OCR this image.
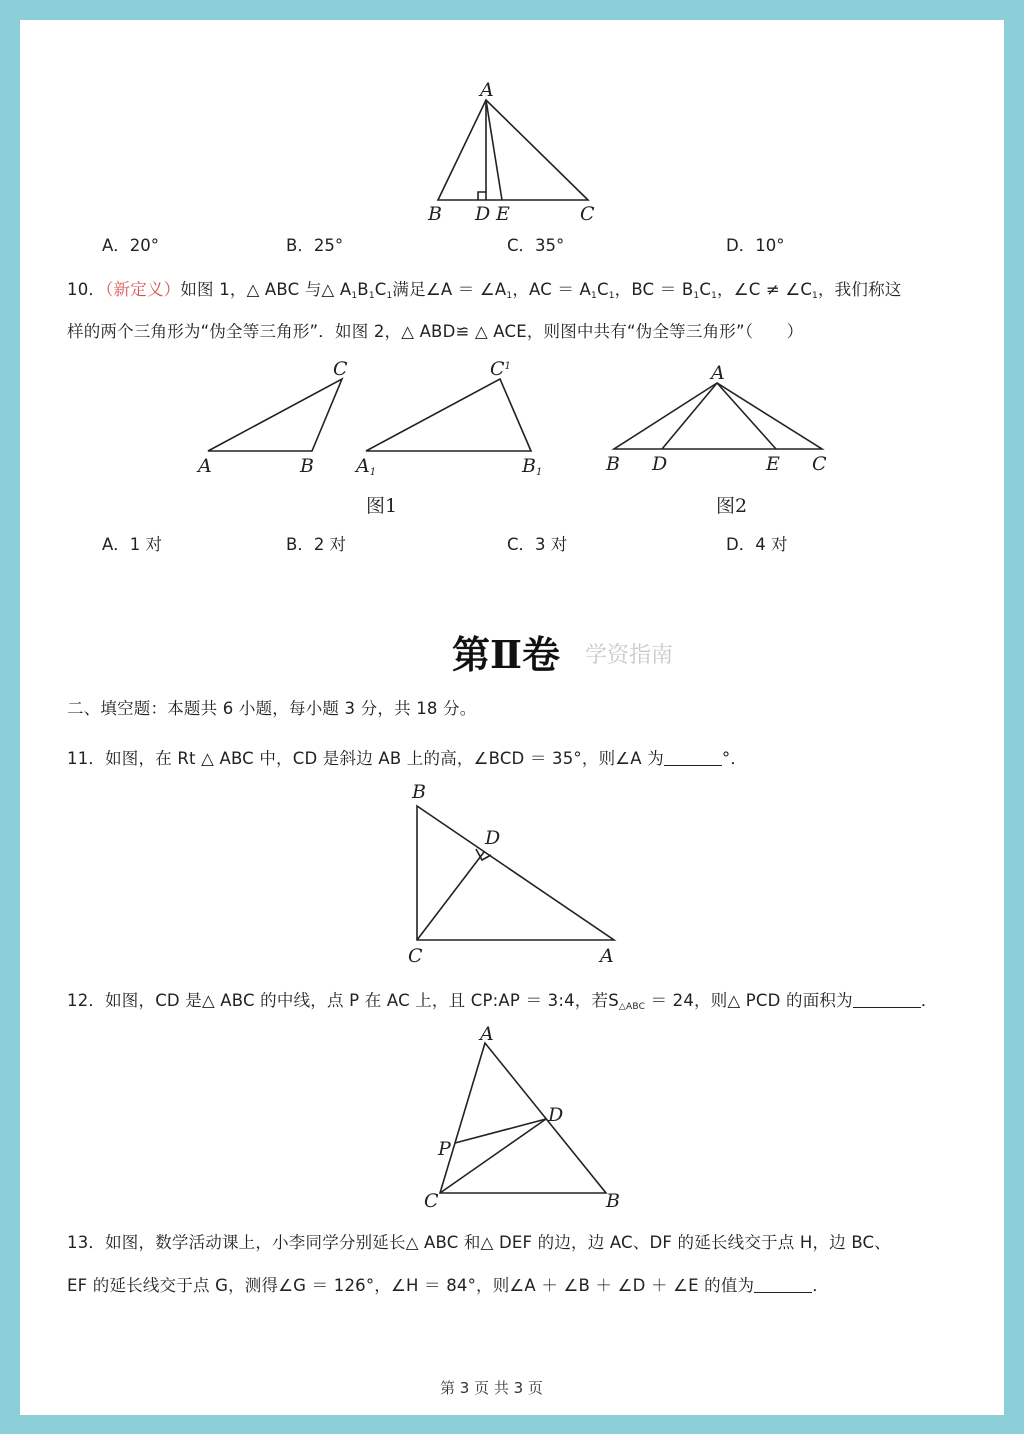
A
B D E	C
A．20°	B．25°	C．35°	D．10°
10．（新定义）如图 1，△ ABC 与△ $A_1B_1C_1$满足∠A ＝ $\angle A_1$，AC ＝ $A_1C_1$，BC ＝ $B_1C_1$，∠C ≠ $\angle C_1$，我们称这
样的两个三角形为“伪全等三角形”．如图 2，△ ABD≌ △ ACE，则图中共有“伪全等三角形”（　　）
A	B
C
A1	B1
$C^1$
图1
A
B D	E C
图2
A．1 对	B．2 对	C．3 对	D．4 对
第Ⅱ卷 学资指南
二、填空题：本题共 6 小题，每小题 3 分，共 18 分。
11．如图，在 Rt △ ABC 中，CD 是斜边 AB 上的高，∠BCD ＝ 35°，则∠A 为	°．
B
D
C	A
12．如图，CD 是△ ABC 的中线，点 P 在 AC 上，且 CP:AP ＝ 3:4，若$S_{\triangle ABC} = 24$，则△ PCD 的面积为	．
A
D
P
C	B
13．如图，数学活动课上，小李同学分别延长△ ABC 和△ DEF 的边，边 AC、DF 的延长线交于点 H，边 BC、
EF 的延长线交于点 G，测得∠G ＝ 126°，∠H ＝ 84°，则∠A ＋ ∠B ＋ ∠D ＋ ∠E 的值为	．
第 3 页 共 3 页
